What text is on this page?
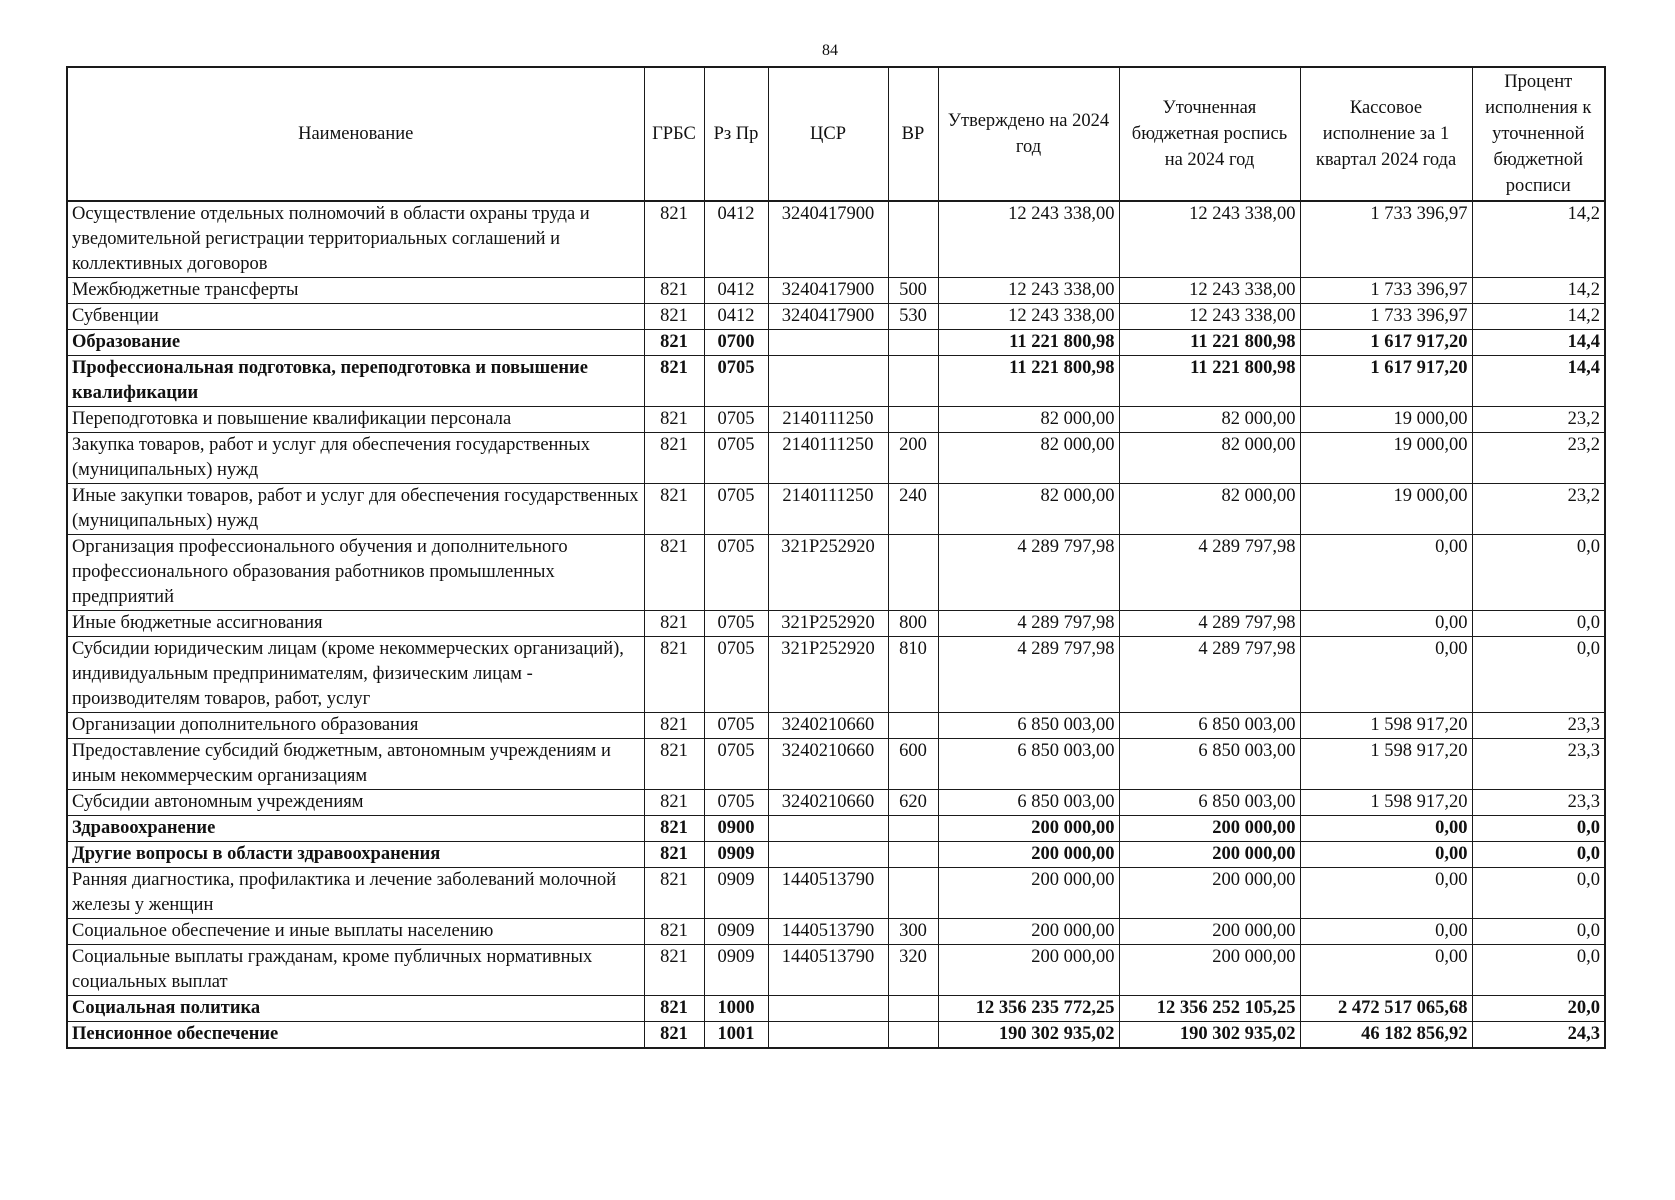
84
Наименование	ГРБС	Рз Пр	ЦСР	ВР	Утверждено на 2024 год	Уточненная бюджетная роспись на 2024 год	Кассовое исполнение за 1 квартал 2024 года	Процент исполнения к уточненной бюджетной росписи
Осуществление отдельных полномочий в области охраны труда и уведомительной регистрации территориальных соглашений и коллективных договоров	821	0412	3240417900		12 243 338,00	12 243 338,00	1 733 396,97	14,2
Межбюджетные трансферты	821	0412	3240417900	500	12 243 338,00	12 243 338,00	1 733 396,97	14,2
Субвенции	821	0412	3240417900	530	12 243 338,00	12 243 338,00	1 733 396,97	14,2
Образование	821	0700			11 221 800,98	11 221 800,98	1 617 917,20	14,4
Профессиональная подготовка, переподготовка и повышение квалификации	821	0705			11 221 800,98	11 221 800,98	1 617 917,20	14,4
Переподготовка и повышение квалификации персонала	821	0705	2140111250		82 000,00	82 000,00	19 000,00	23,2
Закупка товаров, работ и услуг для обеспечения государственных (муниципальных) нужд	821	0705	2140111250	200	82 000,00	82 000,00	19 000,00	23,2
Иные закупки товаров, работ и услуг для обеспечения государственных (муниципальных) нужд	821	0705	2140111250	240	82 000,00	82 000,00	19 000,00	23,2
Организация профессионального обучения и дополнительного профессионального образования работников промышленных предприятий	821	0705	321P252920		4 289 797,98	4 289 797,98	0,00	0,0
Иные бюджетные ассигнования	821	0705	321P252920	800	4 289 797,98	4 289 797,98	0,00	0,0
Субсидии юридическим лицам (кроме некоммерческих организаций), индивидуальным предпринимателям, физическим лицам - производителям товаров, работ, услуг	821	0705	321P252920	810	4 289 797,98	4 289 797,98	0,00	0,0
Организации дополнительного образования	821	0705	3240210660		6 850 003,00	6 850 003,00	1 598 917,20	23,3
Предоставление субсидий бюджетным, автономным учреждениям и иным некоммерческим организациям	821	0705	3240210660	600	6 850 003,00	6 850 003,00	1 598 917,20	23,3
Субсидии автономным учреждениям	821	0705	3240210660	620	6 850 003,00	6 850 003,00	1 598 917,20	23,3
Здравоохранение	821	0900			200 000,00	200 000,00	0,00	0,0
Другие вопросы в области здравоохранения	821	0909			200 000,00	200 000,00	0,00	0,0
Ранняя диагностика, профилактика и лечение заболеваний молочной железы у женщин	821	0909	1440513790		200 000,00	200 000,00	0,00	0,0
Социальное обеспечение и иные выплаты населению	821	0909	1440513790	300	200 000,00	200 000,00	0,00	0,0
Социальные выплаты гражданам, кроме публичных нормативных социальных выплат	821	0909	1440513790	320	200 000,00	200 000,00	0,00	0,0
Социальная политика	821	1000			12 356 235 772,25	12 356 252 105,25	2 472 517 065,68	20,0
Пенсионное обеспечение	821	1001			190 302 935,02	190 302 935,02	46 182 856,92	24,3
